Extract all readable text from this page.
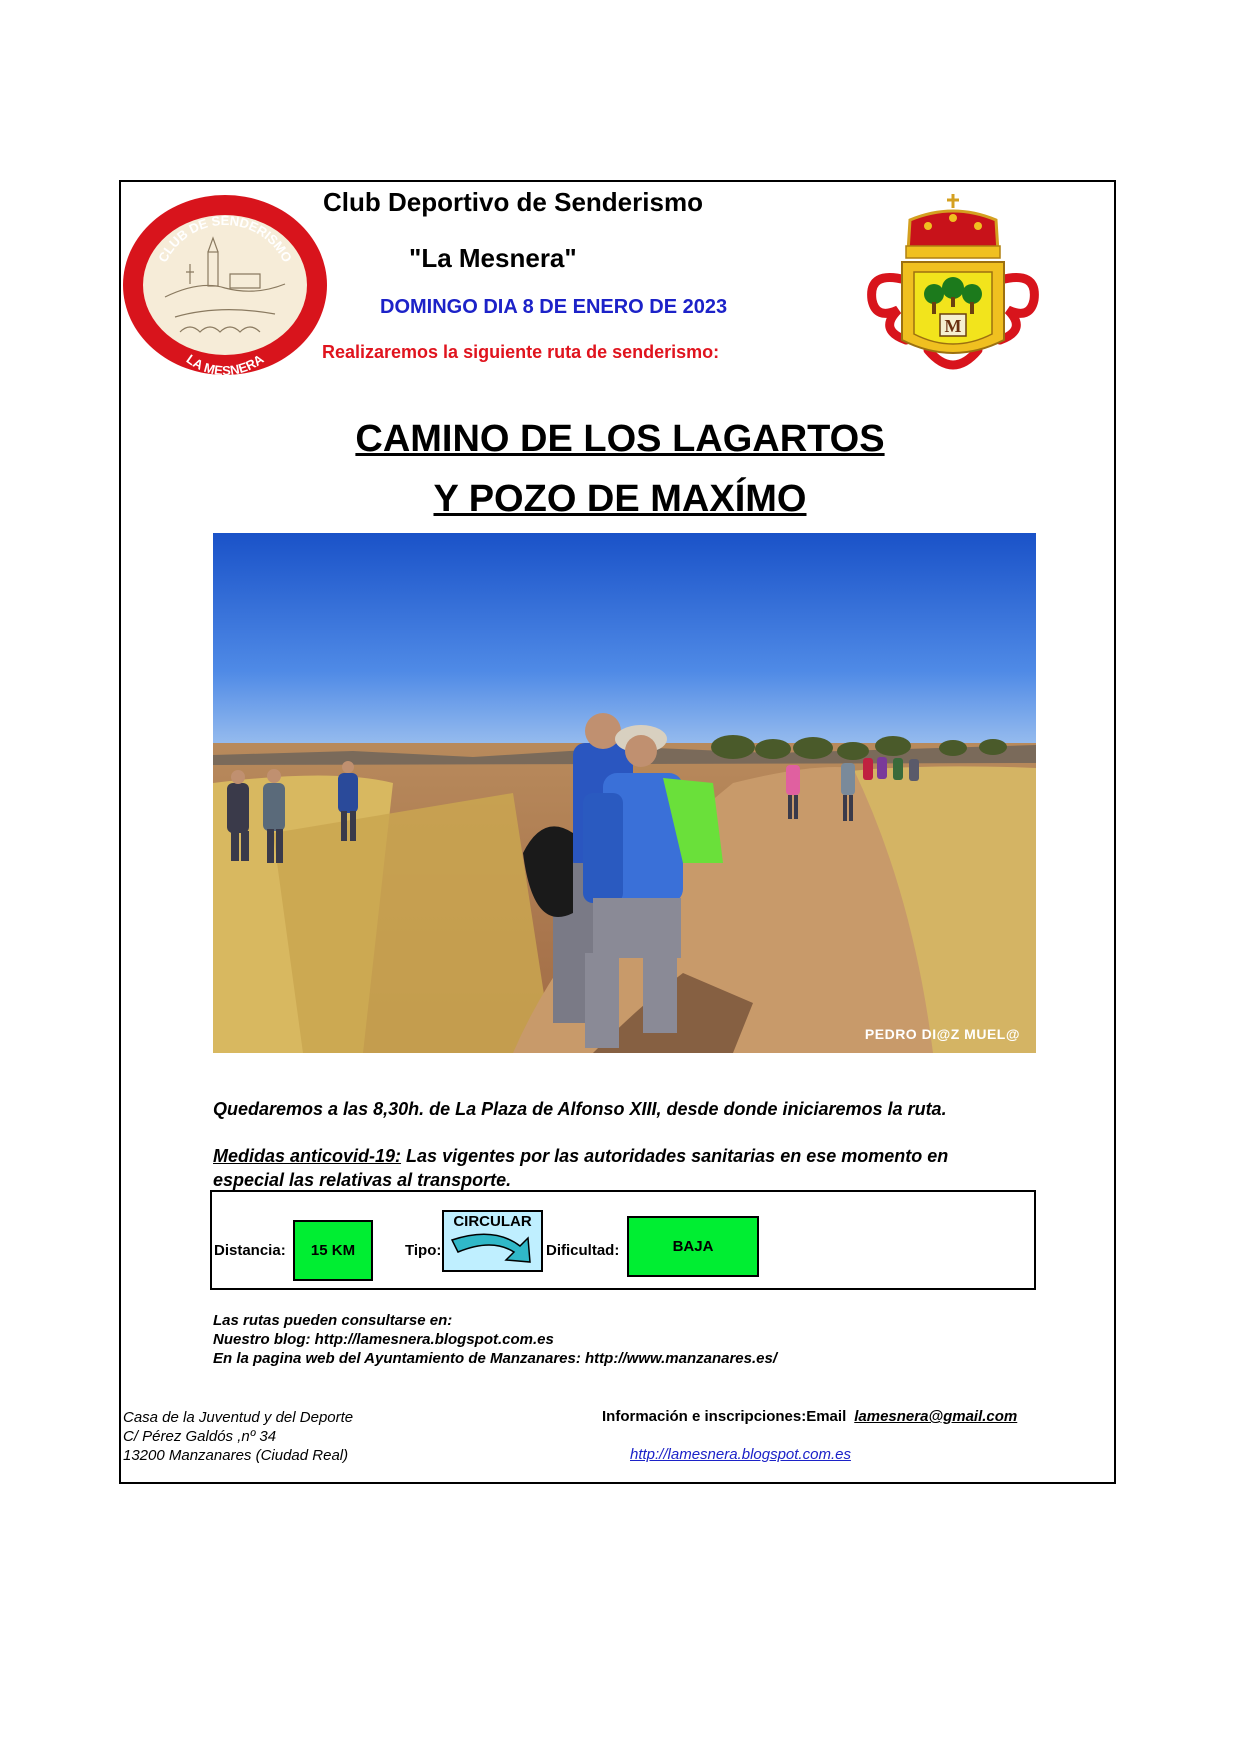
CLUB DE SENDERISMO
LA MESNERA
Club Deportivo de Senderismo
"La Mesnera"
DOMINGO DIA 8 DE ENERO DE 2023
Realizaremos la siguiente ruta de senderismo:
M
CAMINO DE LOS LAGARTOS
Y POZO DE MAXÍMO
PEDRO DI@Z MUEL@
Quedaremos a las 8,30h. de La Plaza de Alfonso XIII, desde donde iniciaremos la ruta.
Medidas anticovid-19: Las vigentes por las autoridades sanitarias en ese momento en especial las relativas al transporte.
Distancia: 15 KM	Tipo:
CIRCULAR
Dificultad:	BAJA
Las rutas pueden consultarse en:
Nuestro blog: http://lamesnera.blogspot.com.es
En la pagina web del Ayuntamiento de Manzanares: http://www.manzanares.es/
Casa de la Juventud y del Deporte
C/ Pérez Galdós ,nº 34
13200 Manzanares (Ciudad Real)
Información e inscripciones:Email lamesnera@gmail.com
http://lamesnera.blogspot.com.es
